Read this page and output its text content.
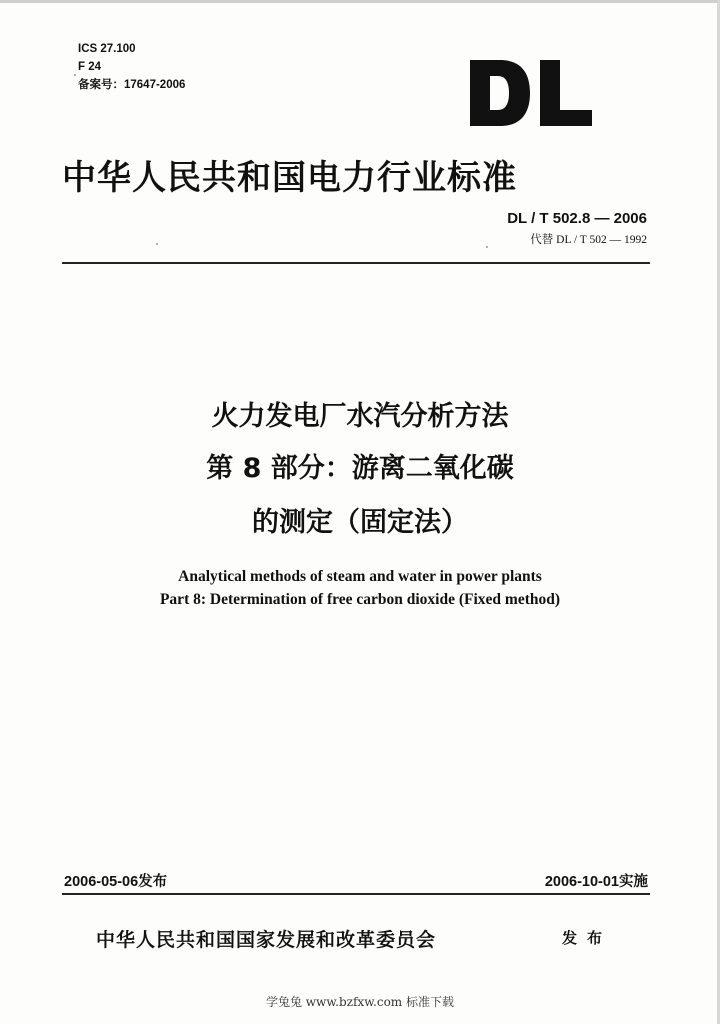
ICS 27.100
F 24
备案号：17647-2006
中华人民共和国电力行业标准
DL / T 502.8 — 2006
代替 DL / T 502 — 1992
火力发电厂水汽分析方法
第 8 部分：游离二氧化碳
的测定（固定法）
Analytical methods of steam and water in power plants
Part 8: Determination of free carbon dioxide (Fixed method)
2006-05-06发布	2006-10-01实施
中华人民共和国国家发展和改革委员会	发布
学兔兔 www.bzfxw.com 标准下载
